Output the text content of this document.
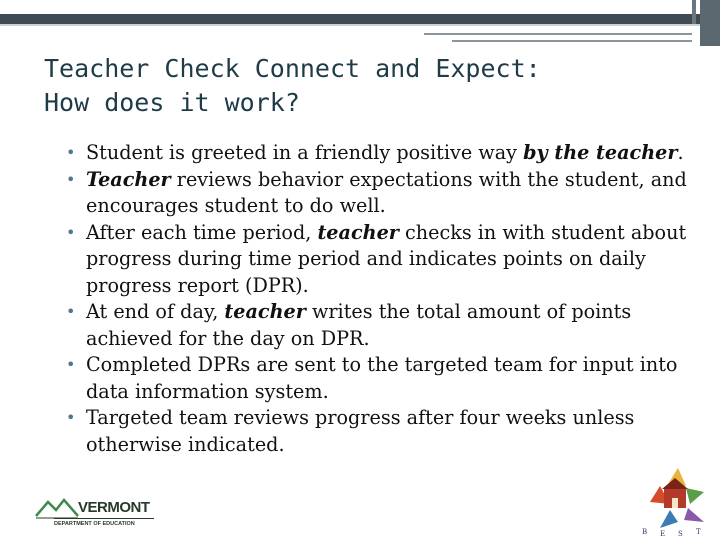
Teacher Check Connect and Expect:
How does it work?
• Student is greeted in a friendly positive way by the teacher.
• Teacher reviews behavior expectations with the student, and encourages student to do well.
• After each time period, teacher checks in with student about progress during time period and indicates points on daily progress report (DPR).
• At end of day, teacher writes the total amount of points achieved for the day on DPR.
• Completed DPRs are sent to the targeted team for input into data information system.
• Targeted team reviews progress after four weeks unless otherwise indicated.
VERMONT
DEPARTMENT OF EDUCATION
B E S T
